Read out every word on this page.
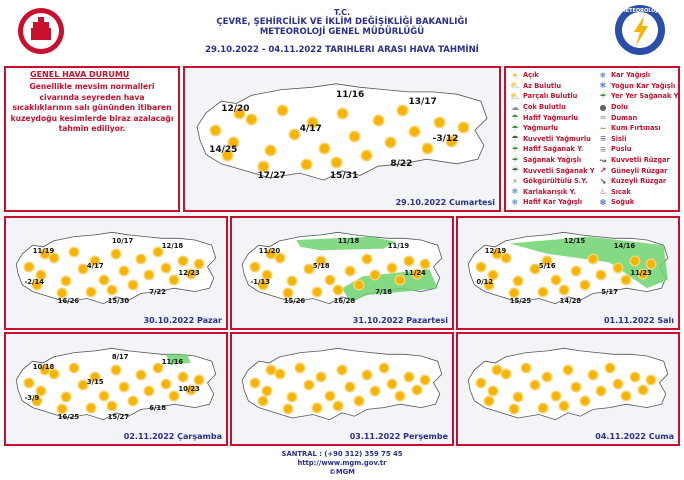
T.C.
ÇEVRE, ŞEHİRCİLİK VE İKLİM DEĞİŞİKLİĞİ BAKANLIĞI
METEOROLOJİ GENEL MÜDÜRLÜĞÜ
29.10.2022 - 04.11.2022 TARIHLERI ARASI HAVA TAHMİNİ
METEOROLOJİ
GENEL HAVA DURUMU
Genellikle mevsim normalleri civarında seyreden hava sıcaklıklarının salı gününden itibaren kuzeydoğu kesimlerde biraz azalacağı tahmin ediliyor.
☀ Açık
⛅ Az Bulutlu
⛅ Parçalı Bulutlu
☁ Çok Bulutlu
☂ Hafif Yağmurlu
☂ Yağmurlu
☂ Kuvvetli Yağmurlu
☔ Hafif Sağanak Y.
☔ Sağanak Yağışlı
☔ Kuvvetli Sağanak Y
⚡ Gökgürültülü S.Y.
❄ Karlakarışık Y.
❄ Hafif Kar Yağışlı
❄ Kar Yağışlı
❄ Yoğun Kar Yağışlı
☔ Yer Yer Sağanak Y.
● Dolu
≈ Duman
~ Kum Fırtınası
≡ Sisli
≡ Puslu
↝ Kuvvetli Rüzgar
↗ Güneyli Rüzgar
↘ Kuzeyli Rüzgar
♨ Sıcak
✻ Soğuk
12/20
11/16
13/17
4/17
14/25
-3/12
8/22
15/31
17/27
29.10.2022 Cumartesi
11/19
10/17
12/18
4/17
-2/14
12/23
7/22
15/30
16/26
30.10.2022 Pazar
11/20
11/18
11/19
5/18
-1/13
11/24
7/18
16/28
15/26
31.10.2022 Pazartesi
12/19
12/15
14/16
5/16
0/12
11/23
5/17
14/28
15/25
01.11.2022 Salı
10/18
8/17
11/16
3/15
-3/9
10/23
6/18
15/27
16/25
02.11.2022 Çarşamba	03.11.2022 Perşembe	04.11.2022 Cuma
SANTRAL : (+90 312) 359 75 45
http://www.mgm.gov.tr
©MGM
